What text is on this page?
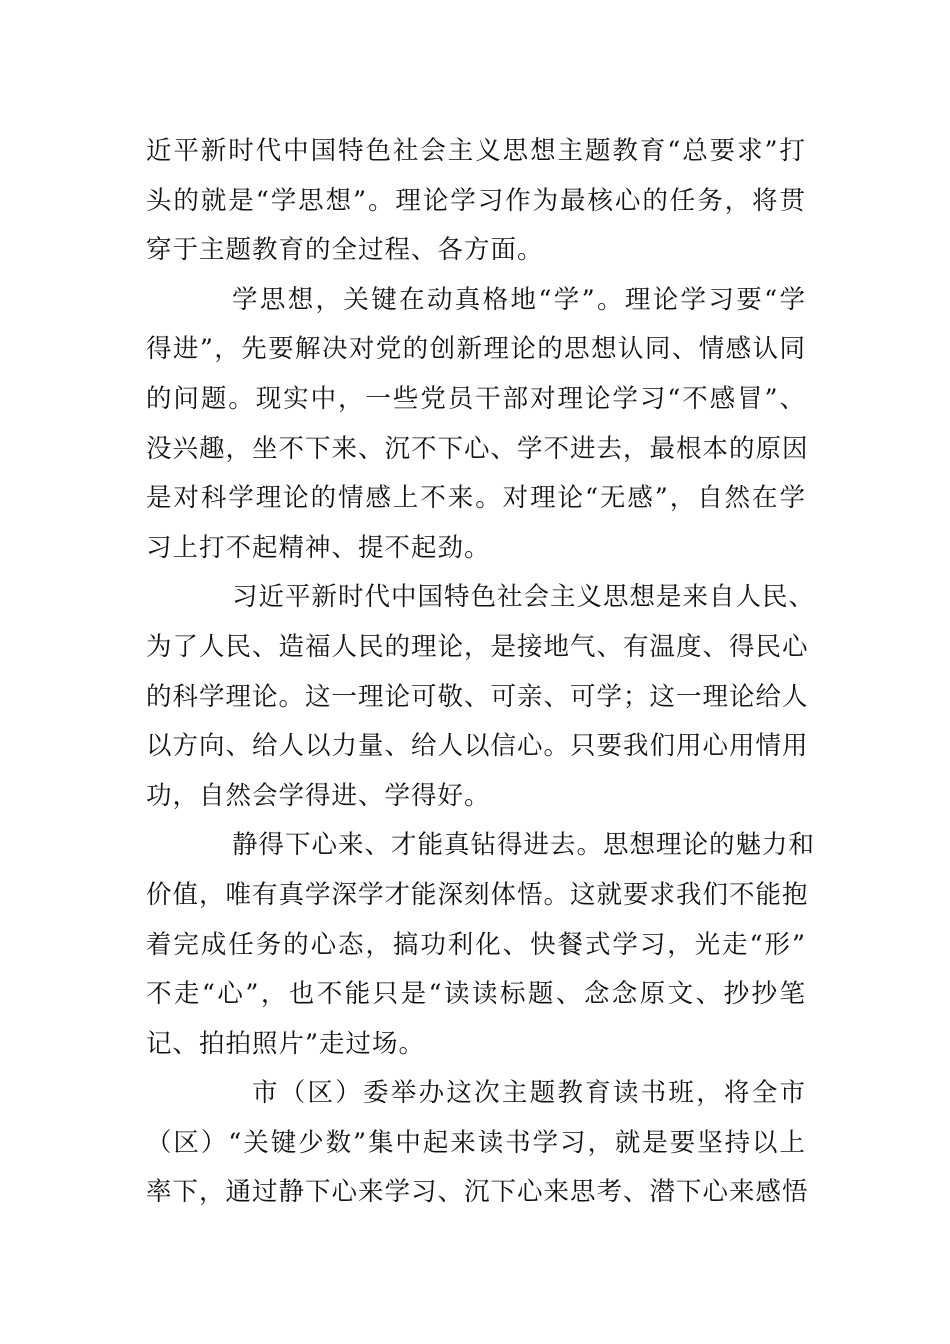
近平新时代中国特色社会主义思想主题教育“总要求”打
头的就是“学思想”。理论学习作为最核心的任务，将贯
穿于主题教育的全过程、各方面。

学思想，关键在动真格地“学”。理论学习要“学
得进”，先要解决对党的创新理论的思想认同、情感认同
的问题。现实中，一些党员干部对理论学习“不感冒”、
没兴趣，坐不下来、沉不下心、学不进去，最根本的原因
是对科学理论的情感上不来。对理论“无感”，自然在学
习上打不起精神、提不起劲。

习近平新时代中国特色社会主义思想是来自人民、
为了人民、造福人民的理论，是接地气、有温度、得民心
的科学理论。这一理论可敬、可亲、可学；这一理论给人
以方向、给人以力量、给人以信心。只要我们用心用情用
功，自然会学得进、学得好。

静得下心来、才能真钻得进去。思想理论的魅力和
价值，唯有真学深学才能深刻体悟。这就要求我们不能抱
着完成任务的心态，搞功利化、快餐式学习，光走“形”
不走“心”，也不能只是“读读标题、念念原文、抄抄笔
记、拍拍照片”走过场。

市（区）委举办这次主题教育读书班，将全市
（区）“关键少数”集中起来读书学习，就是要坚持以上
率下，通过静下心来学习、沉下心来思考、潜下心来感悟
